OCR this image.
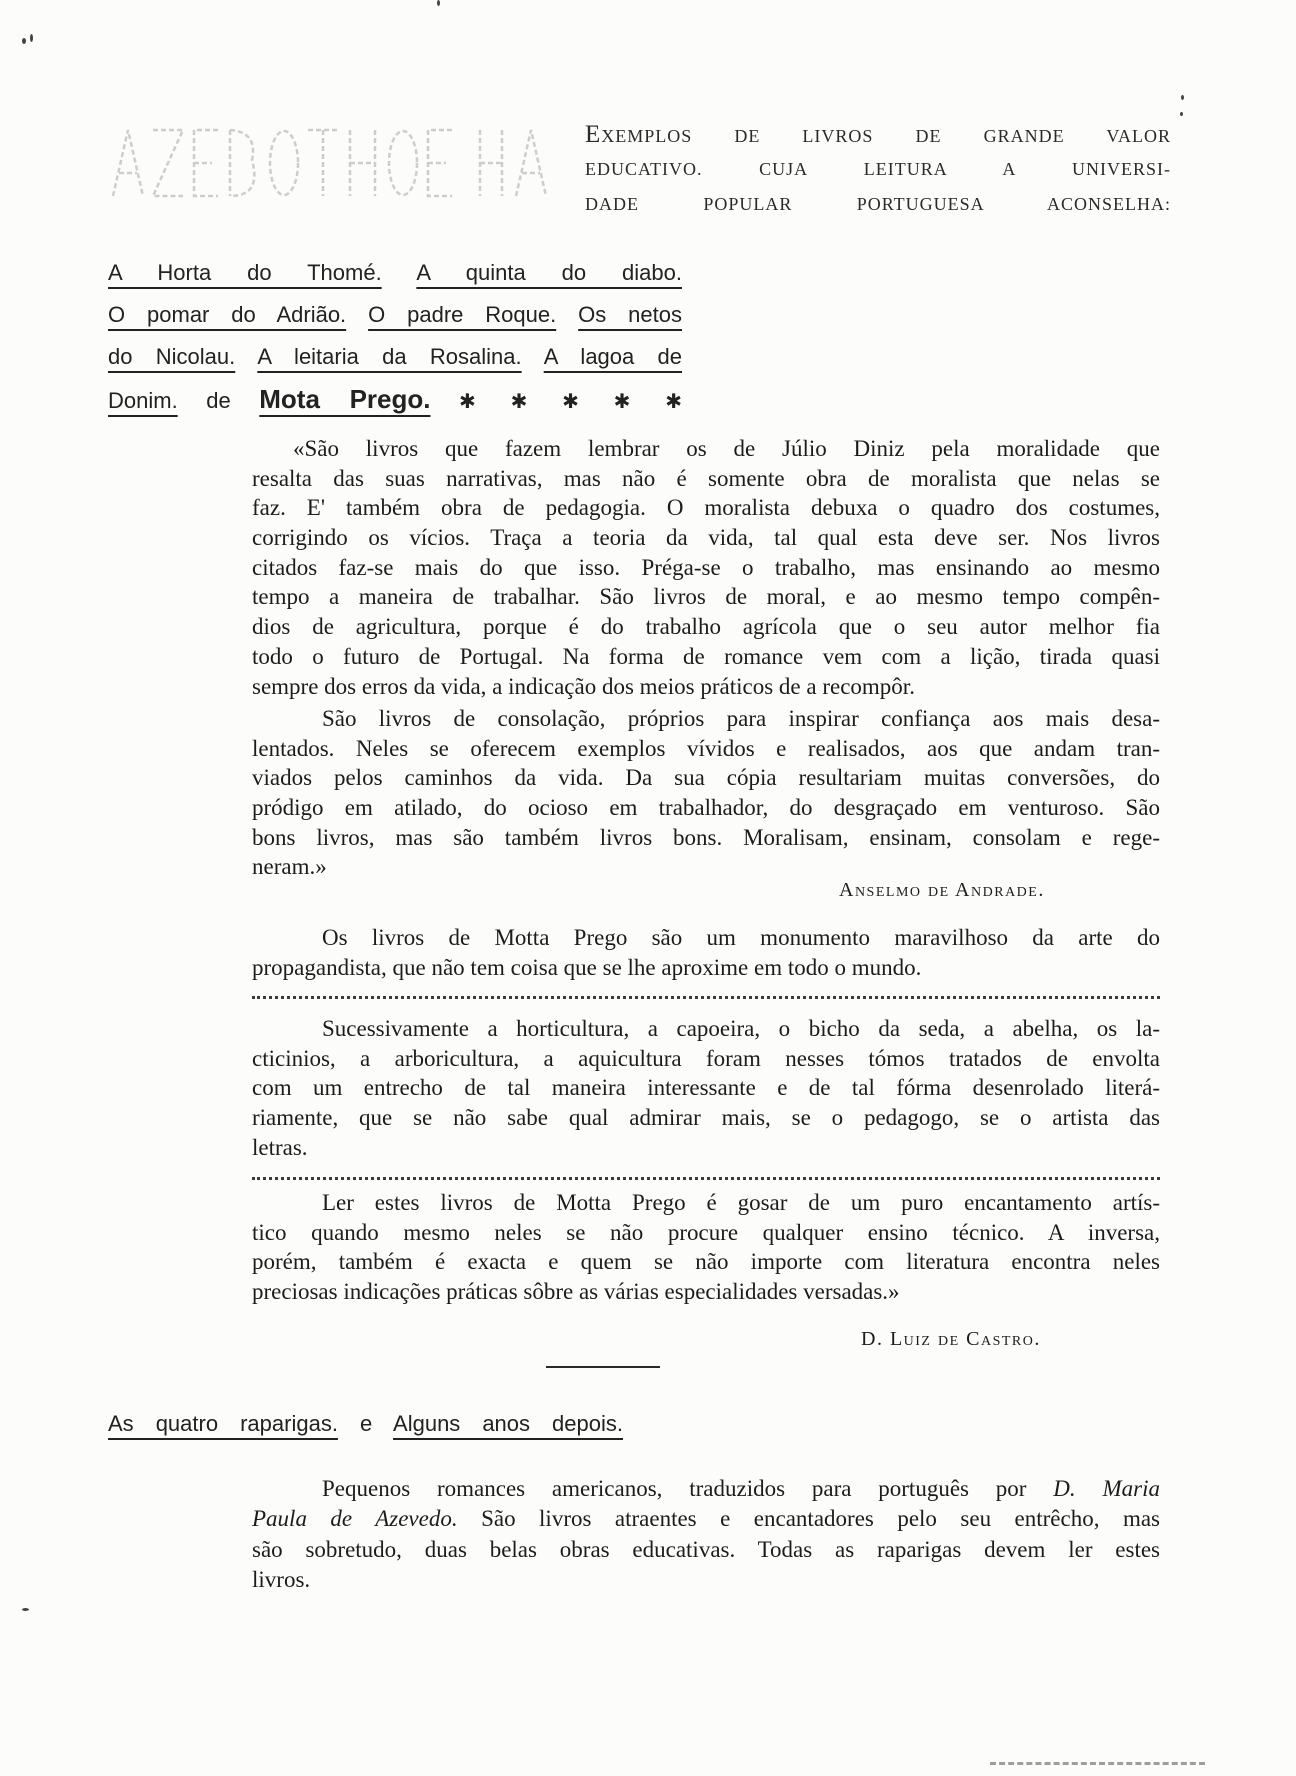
EXEMPLOS DE LIVROS DE GRANDE VALOR
EDUCATIVO. CUJA LEITURA A UNIVERSI-
DADE POPULAR PORTUGUESA ACONSELHA:
A Horta do Thomé. A quinta do diabo.
O pomar do Adrião. O padre Roque. Os netos
do Nicolau. A leitaria da Rosalina. A lagoa de
Donim. de Mota Prego. ✱ ✱ ✱ ✱ ✱
«São livros que fazem lembrar os de Júlio Diniz pela moralidade que
resalta das suas narrativas, mas não é somente obra de moralista que nelas se
faz. E' também obra de pedagogia. O moralista debuxa o quadro dos costumes,
corrigindo os vícios. Traça a teoria da vida, tal qual esta deve ser. Nos livros
citados faz-se mais do que isso. Préga-se o trabalho, mas ensinando ao mesmo
tempo a maneira de trabalhar. São livros de moral, e ao mesmo tempo compên-
dios de agricultura, porque é do trabalho agrícola que o seu autor melhor fia
todo o futuro de Portugal. Na forma de romance vem com a lição, tirada quasi
sempre dos erros da vida, a indicação dos meios práticos de a recompôr.
São livros de consolação, próprios para inspirar confiança aos mais desa-
lentados. Neles se oferecem exemplos vívidos e realisados, aos que andam tran-
viados pelos caminhos da vida. Da sua cópia resultariam muitas conversões, do
pródigo em atilado, do ocioso em trabalhador, do desgraçado em venturoso. São
bons livros, mas são também livros bons. Moralisam, ensinam, consolam e rege-
neram.»
Anselmo de Andrade.
Os livros de Motta Prego são um monumento maravilhoso da arte do
propagandista, que não tem coisa que se lhe aproxime em todo o mundo.
Sucessivamente a horticultura, a capoeira, o bicho da seda, a abelha, os la-
cticinios, a arboricultura, a aquicultura foram nesses tómos tratados de envolta
com um entrecho de tal maneira interessante e de tal fórma desenrolado literá-
riamente, que se não sabe qual admirar mais, se o pedagogo, se o artista das
letras.
Ler estes livros de Motta Prego é gosar de um puro encantamento artís-
tico quando mesmo neles se não procure qualquer ensino técnico. A inversa,
porém, também é exacta e quem se não importe com literatura encontra neles
preciosas indicações práticas sôbre as várias especialidades versadas.»
D. Luiz de Castro.
As quatro raparigas. e Alguns anos depois.
Pequenos romances americanos, traduzidos para português por D. Maria
Paula de Azevedo. São livros atraentes e encantadores pelo seu entrêcho, mas
são sobretudo, duas belas obras educativas. Todas as raparigas devem ler estes
livros.
